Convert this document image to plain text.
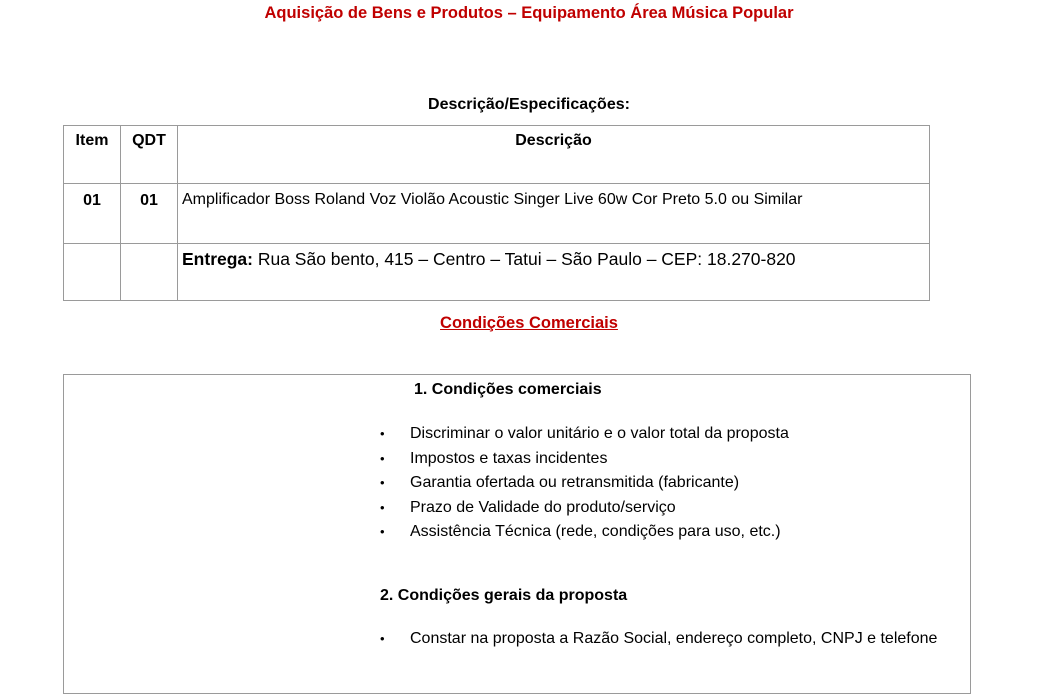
Aquisição de Bens e Produtos – Equipamento Área Música Popular
Descrição/Especificações:
Item	QDT	Descrição
01	01	Amplificador Boss Roland Voz Violão Acoustic Singer Live 60w Cor Preto 5.0 ou Similar
		Entrega: Rua São bento, 415 – Centro – Tatui – São Paulo – CEP: 18.270-820
Condições Comerciais
1. Condições comerciais
•	Discriminar o valor unitário e o valor total da proposta
•	Impostos e taxas incidentes
•	Garantia ofertada ou retransmitida (fabricante)
•	Prazo de Validade do produto/serviço
•	Assistência Técnica (rede, condições para uso, etc.)
2. Condições gerais da proposta
•	Constar na proposta a Razão Social, endereço completo, CNPJ e telefone
